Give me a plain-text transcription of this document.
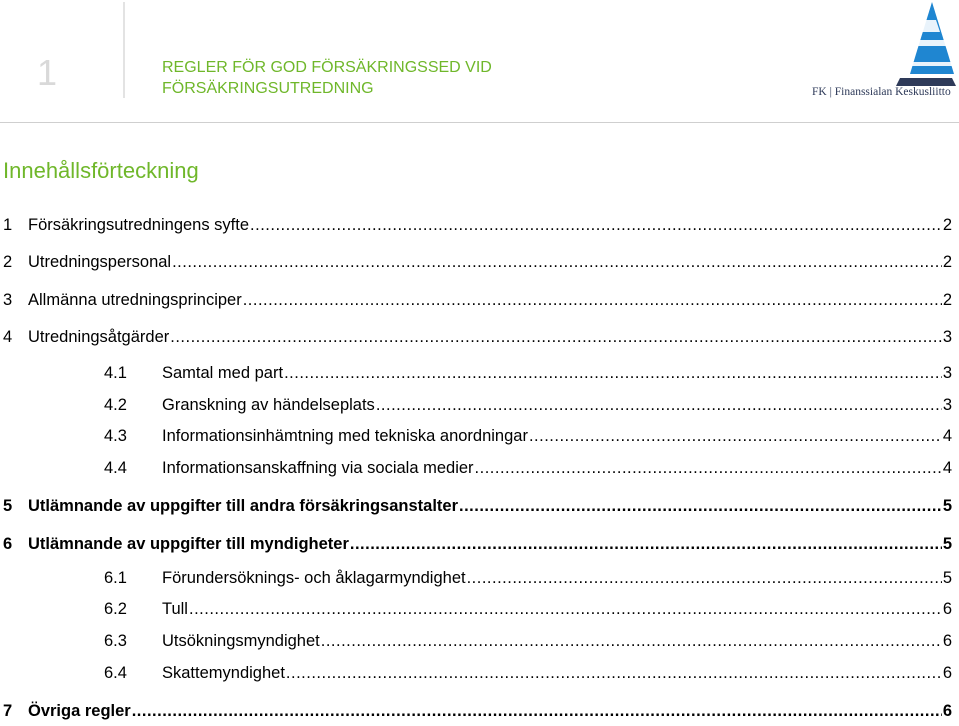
1	REGLER FÖR GOD FÖRSÄKRINGSSED VID
FÖRSÄKRINGSUTREDNING	FK | Finanssialan Keskusliitto
Innehållsförteckning
1 Försäkringsutredningens syfte .....	2
2 Utredningspersonal .....	2
3 Allmänna utredningsprinciper .....	2
4 Utredningsåtgärder .....	3
4.1	Samtal med part .....	3
4.2	Granskning av händelseplats .....	3
4.3	Informationsinhämtning med tekniska anordningar .....	4
4.4	Informationsanskaffning via sociala medier .....	4
5 Utlämnande av uppgifter till andra försäkringsanstalter .....	5
6 Utlämnande av uppgifter till myndigheter .....	5
6.1	Förundersöknings- och åklagarmyndighet .....	5
6.2	Tull .....	6
6.3	Utsökningsmyndighet .....	6
6.4	Skattemyndighet .....	6
7 Övriga regler .....	6
